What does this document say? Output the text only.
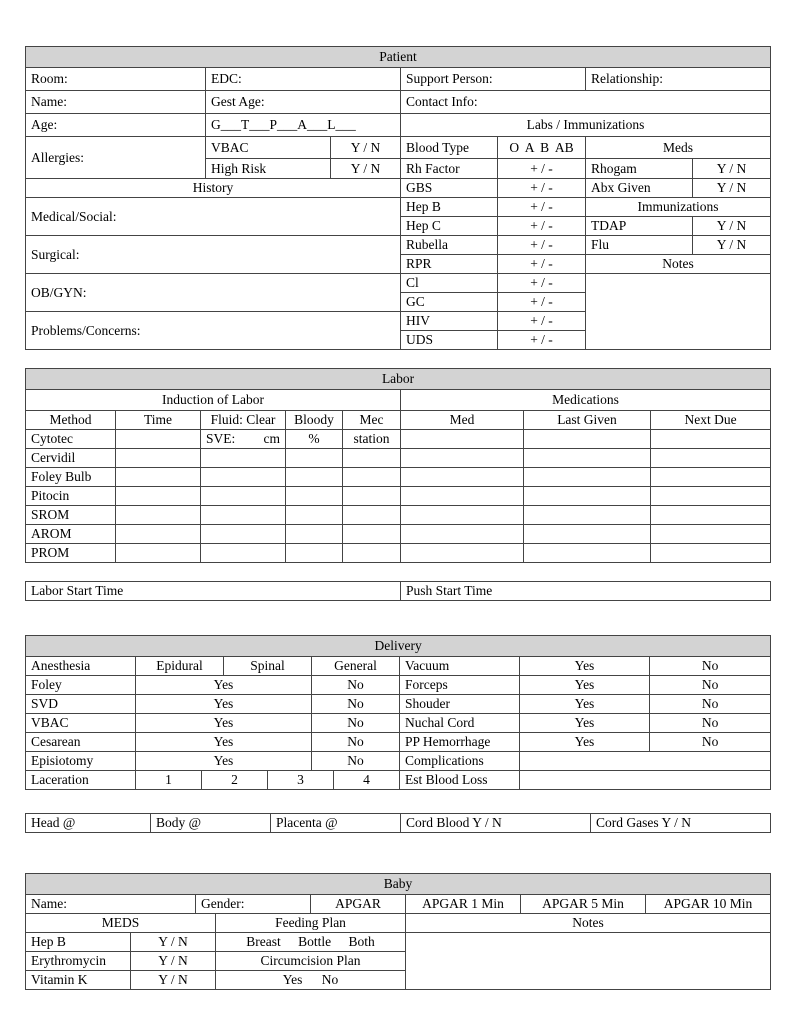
Patient						
Room:	EDC:		Support Person:		Relationship:	
Name:	Gest Age:		Contact Info:			
Age:	G___T___P___A___L___		Labs / Immunizations			
Allergies:	VBAC	Y / N	Blood Type	O A B AB	Meds	
	High Risk	Y / N	Rh Factor	+ / -	Rhogam	Y / N
History			GBS	+ / -	Abx Given	Y / N
Medical/Social:			Hep B	+ / -	Immunizations	
			Hep C	+ / -	TDAP	Y / N
Surgical:			Rubella	+ / -	Flu	Y / N
			RPR	+ / -	Notes	
OB/GYN:			Cl	+ / -		
			GC	+ / -		
Problems/Concerns:			HIV	+ / -		
			UDS	+ / -		
Labor							
Induction of Labor					Medications		
Method	Time	Fluid: Clear	Bloody	Mec	Med	Last Given	Next Due
Cytotec		SVE: cm	%	station			
Cervidil							
Foley Bulb							
Pitocin							
SROM							
AROM							
PROM							
Labor Start Time	Push Start Time
Delivery									
Anesthesia	Epidural		Spinal		General		Vacuum	Yes	No
Foley	Yes				No		Forceps	Yes	No
SVD	Yes				No		Shouder	Yes	No
VBAC	Yes				No		Nuchal Cord	Yes	No
Cesarean	Yes				No		PP Hemorrhage	Yes	No
Episiotomy	Yes				No		Complications		
Laceration	1	2		3		4	Est Blood Loss		
Head @	Body @	Placenta @	Cord Blood Y / N	Cord Gases Y / N
Baby							
Name:		Gender:		APGAR	APGAR 1 Min	APGAR 5 Min	APGAR 10 Min
MEDS			Feeding Plan		Notes		
Hep B	Y / N		Breast Bottle Both				
Erythromycin	Y / N		Circumcision Plan				
Vitamin K	Y / N		Yes No				
